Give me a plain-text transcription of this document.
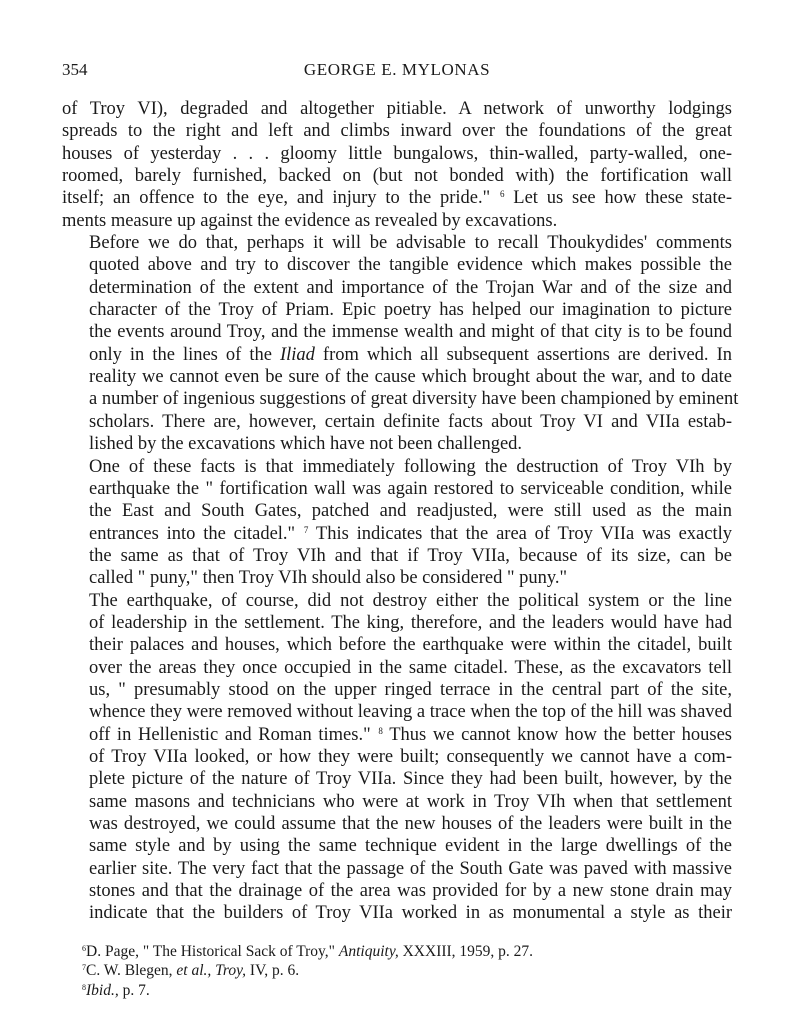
354	GEORGE E. MYLONAS

of Troy VI), degraded and altogether pitiable. A network of unworthy lodgings
spreads to the right and left and climbs inward over the foundations of the great
houses of yesterday . . . gloomy little bungalows, thin-walled, party-walled, one-
roomed, barely furnished, backed on (but not bonded with) the fortification wall
itself; an offence to the eye, and injury to the pride." $^6$ Let us see how these state-
ments measure up against the evidence as revealed by excavations.

Before we do that, perhaps it will be advisable to recall Thoukydides' comments
quoted above and try to discover the tangible evidence which makes possible the
determination of the extent and importance of the Trojan War and of the size and
character of the Troy of Priam. Epic poetry has helped our imagination to picture
the events around Troy, and the immense wealth and might of that city is to be found
only in the lines of the Iliad from which all subsequent assertions are derived. In
reality we cannot even be sure of the cause which brought about the war, and to date
a number of ingenious suggestions of great diversity have been championed by eminent
scholars. There are, however, certain definite facts about Troy VI and VIIa estab-
lished by the excavations which have not been challenged.

One of these facts is that immediately following the destruction of Troy VIh by
earthquake the " fortification wall was again restored to serviceable condition, while
the East and South Gates, patched and readjusted, were still used as the main
entrances into the citadel." $^7$ This indicates that the area of Troy VIIa was exactly
the same as that of Troy VIh and that if Troy VIIa, because of its size, can be
called " puny," then Troy VIh should also be considered " puny."

The earthquake, of course, did not destroy either the political system or the line
of leadership in the settlement. The king, therefore, and the leaders would have had
their palaces and houses, which before the earthquake were within the citadel, built
over the areas they once occupied in the same citadel. These, as the excavators tell
us, " presumably stood on the upper ringed terrace in the central part of the site,
whence they were removed without leaving a trace when the top of the hill was shaved
off in Hellenistic and Roman times." $^8$ Thus we cannot know how the better houses
of Troy VIIa looked, or how they were built; consequently we cannot have a com-
plete picture of the nature of Troy VIIa. Since they had been built, however, by the
same masons and technicians who were at work in Troy VIh when that settlement
was destroyed, we could assume that the new houses of the leaders were built in the
same style and by using the same technique evident in the large dwellings of the
earlier site. The very fact that the passage of the South Gate was paved with massive
stones and that the drainage of the area was provided for by a new stone drain may
indicate that the builders of Troy VIIa worked in as monumental a style as their

$^6$D. Page, " The Historical Sack of Troy," Antiquity, XXXIII, 1959, p. 27.
$^7$C. W. Blegen, et al., Troy, IV, p. 6.
$^8$Ibid., p. 7.
